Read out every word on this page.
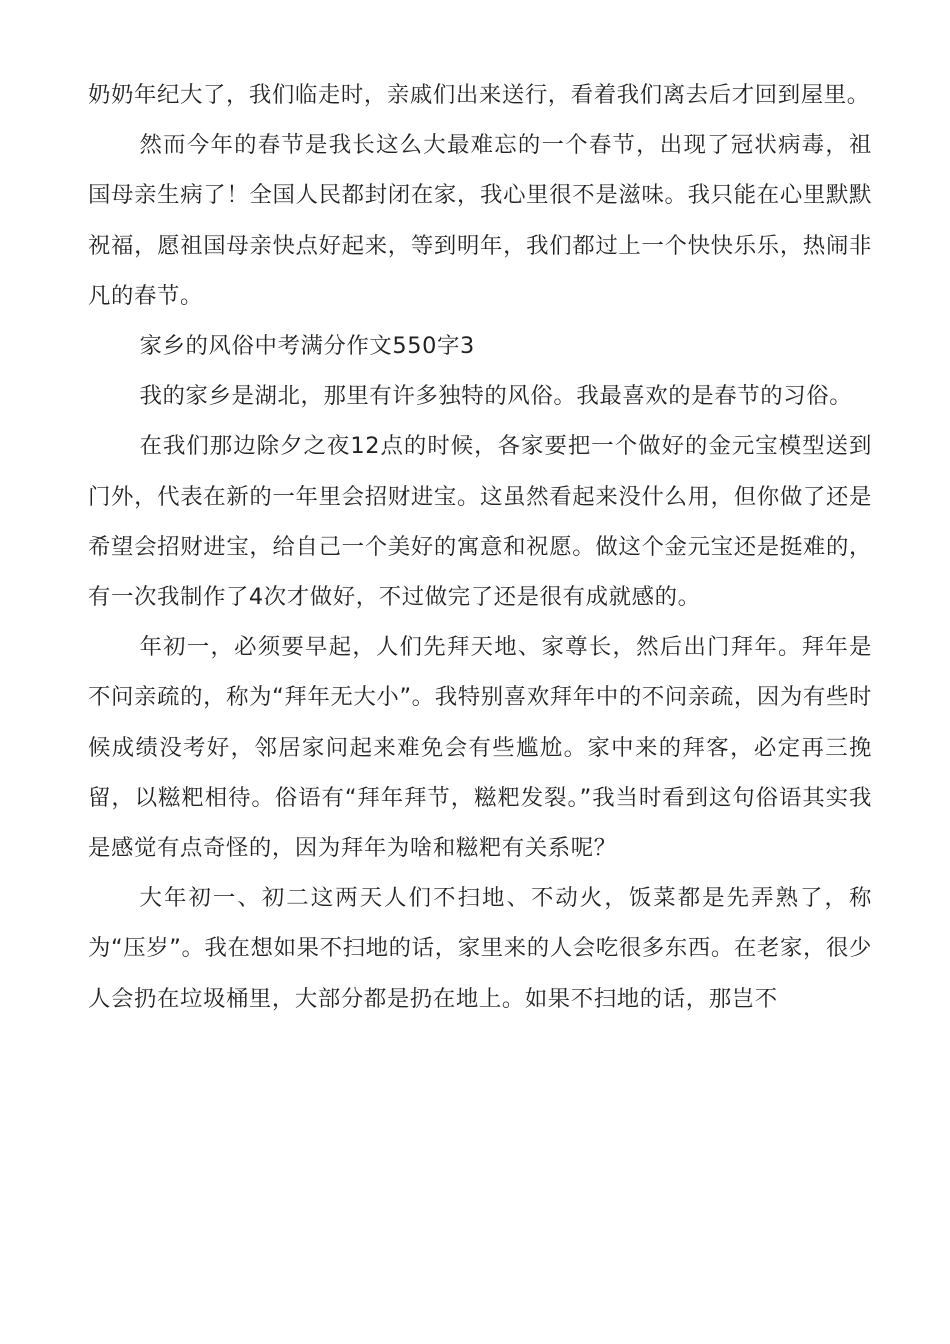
奶奶年纪大了，我们临走时，亲戚们出来送行，看着我们离去后才回到屋里。

然而今年的春节是我长这么大最难忘的一个春节，出现了冠状病毒，祖国母亲生病了！全国人民都封闭在家，我心里很不是滋味。我只能在心里默默祝福，愿祖国母亲快点好起来，等到明年，我们都过上一个快快乐乐，热闹非凡的春节。

家乡的风俗中考满分作文550字3

我的家乡是湖北，那里有许多独特的风俗。我最喜欢的是春节的习俗。

在我们那边除夕之夜12点的时候，各家要把一个做好的金元宝模型送到门外，代表在新的一年里会招财进宝。这虽然看起来没什么用，但你做了还是希望会招财进宝，给自己一个美好的寓意和祝愿。做这个金元宝还是挺难的，有一次我制作了4次才做好，不过做完了还是很有成就感的。

年初一，必须要早起，人们先拜天地、家尊长，然后出门拜年。拜年是不问亲疏的，称为“拜年无大小”。我特别喜欢拜年中的不问亲疏，因为有些时候成绩没考好，邻居家问起来难免会有些尴尬。家中来的拜客，必定再三挽留，以糍粑相待。俗语有“拜年拜节，糍粑发裂。”我当时看到这句俗语其实我是感觉有点奇怪的，因为拜年为啥和糍粑有关系呢？

大年初一、初二这两天人们不扫地、不动火，饭菜都是先弄熟了，称为“压岁”。我在想如果不扫地的话，家里来的人会吃很多东西。在老家，很少人会扔在垃圾桶里，大部分都是扔在地上。如果不扫地的话，那岂不
